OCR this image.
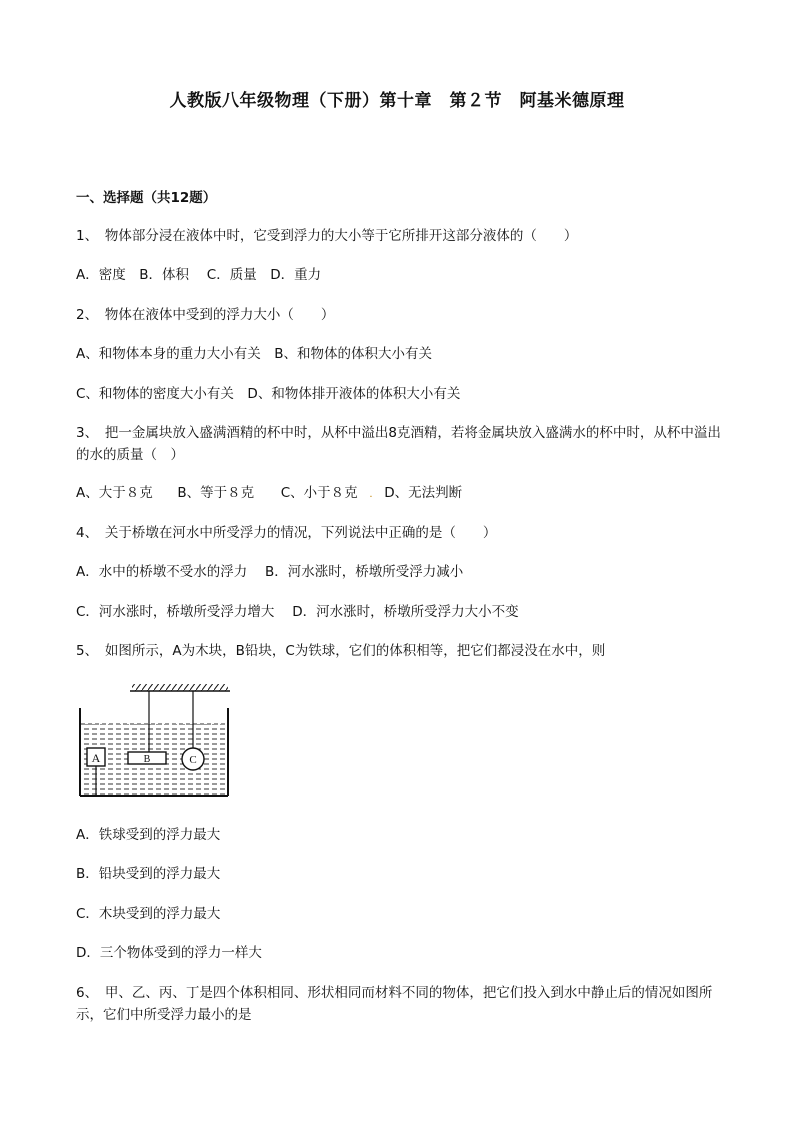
人教版八年级物理（下册）第十章　第２节　阿基米德原理
一、选择题（共12题）
1、　物体部分浸在液体中时，它受到浮力的大小等于它所排开这部分液体的（　　）
A．密度　B．体积　 C．质量　D．重力
2、　物体在液体中受到的浮力大小（　　）
A、和物体本身的重力大小有关　B、和物体的体积大小有关
C、和物体的密度大小有关　D、和物体排开液体的体积大小有关
3、　把一金属块放入盛满酒精的杯中时，从杯中溢出8克酒精，若将金属块放入盛满水的杯中时，从杯中溢出的水的质量（　）
A、大于８克 B、等于８克 C、小于８克 . D、无法判断
4、　关于桥墩在河水中所受浮力的情况，下列说法中正确的是（　　）
A．水中的桥墩不受水的浮力　 B．河水涨时，桥墩所受浮力减小
C．河水涨时，桥墩所受浮力增大　 D．河水涨时，桥墩所受浮力大小不变
5、　如图所示，A为木块，B铅块，C为铁球，它们的体积相等，把它们都浸没在水中，则
A	B	C
A．铁球受到的浮力最大
B．铅块受到的浮力最大
C．木块受到的浮力最大
D．三个物体受到的浮力一样大
6、　甲、乙、丙、丁是四个体积相同、形状相同而材料不同的物体，把它们投入到水中静止后的情况如图所示，它们中所受浮力最小的是
